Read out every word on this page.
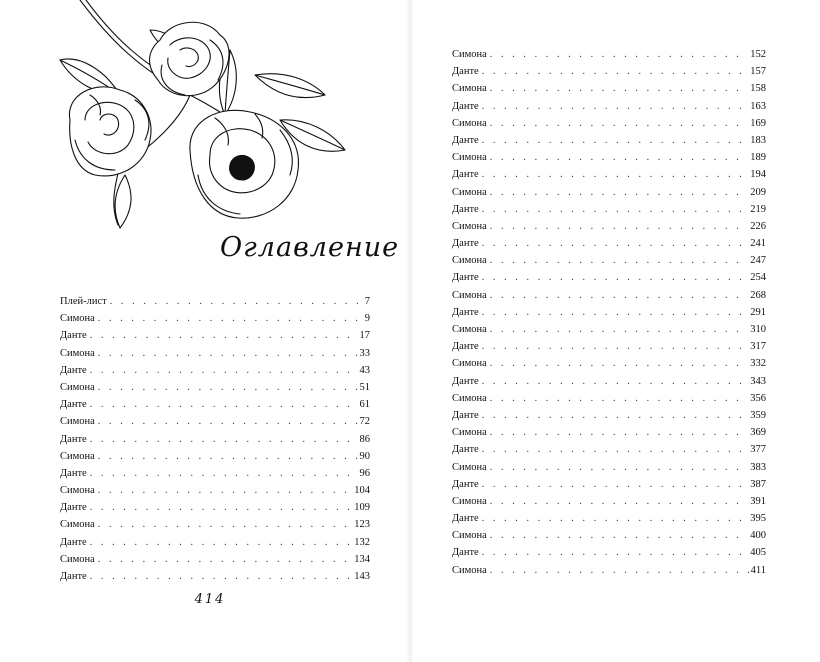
Оглавление
Плей-лист . . .	7
Симона . . .	9
Данте . . .	17
Симона . . .	33
Данте . . .	43
Симона . . .	51
Данте . . .	61
Симона . . .	72
Данте . . .	86
Симона . . .	90
Данте . . .	96
Симона . . .	104
Данте . . .	109
Симона . . .	123
Данте . . .	132
Симона . . .	134
Данте . . .	143
414
Симона . . .	152
Данте . . .	157
Симона . . .	158
Данте . . .	163
Симона . . .	169
Данте . . .	183
Симона . . .	189
Данте . . .	194
Симона . . .	209
Данте . . .	219
Симона . . .	226
Данте . . .	241
Симона . . .	247
Данте . . .	254
Симона . . .	268
Данте . . .	291
Симона . . .	310
Данте . . .	317
Симона . . .	332
Данте . . .	343
Симона . . .	356
Данте . . .	359
Симона . . .	369
Данте . . .	377
Симона . . .	383
Данте . . .	387
Симона . . .	391
Данте . . .	395
Симона . . .	400
Данте . . .	405
Симона . . .	411
